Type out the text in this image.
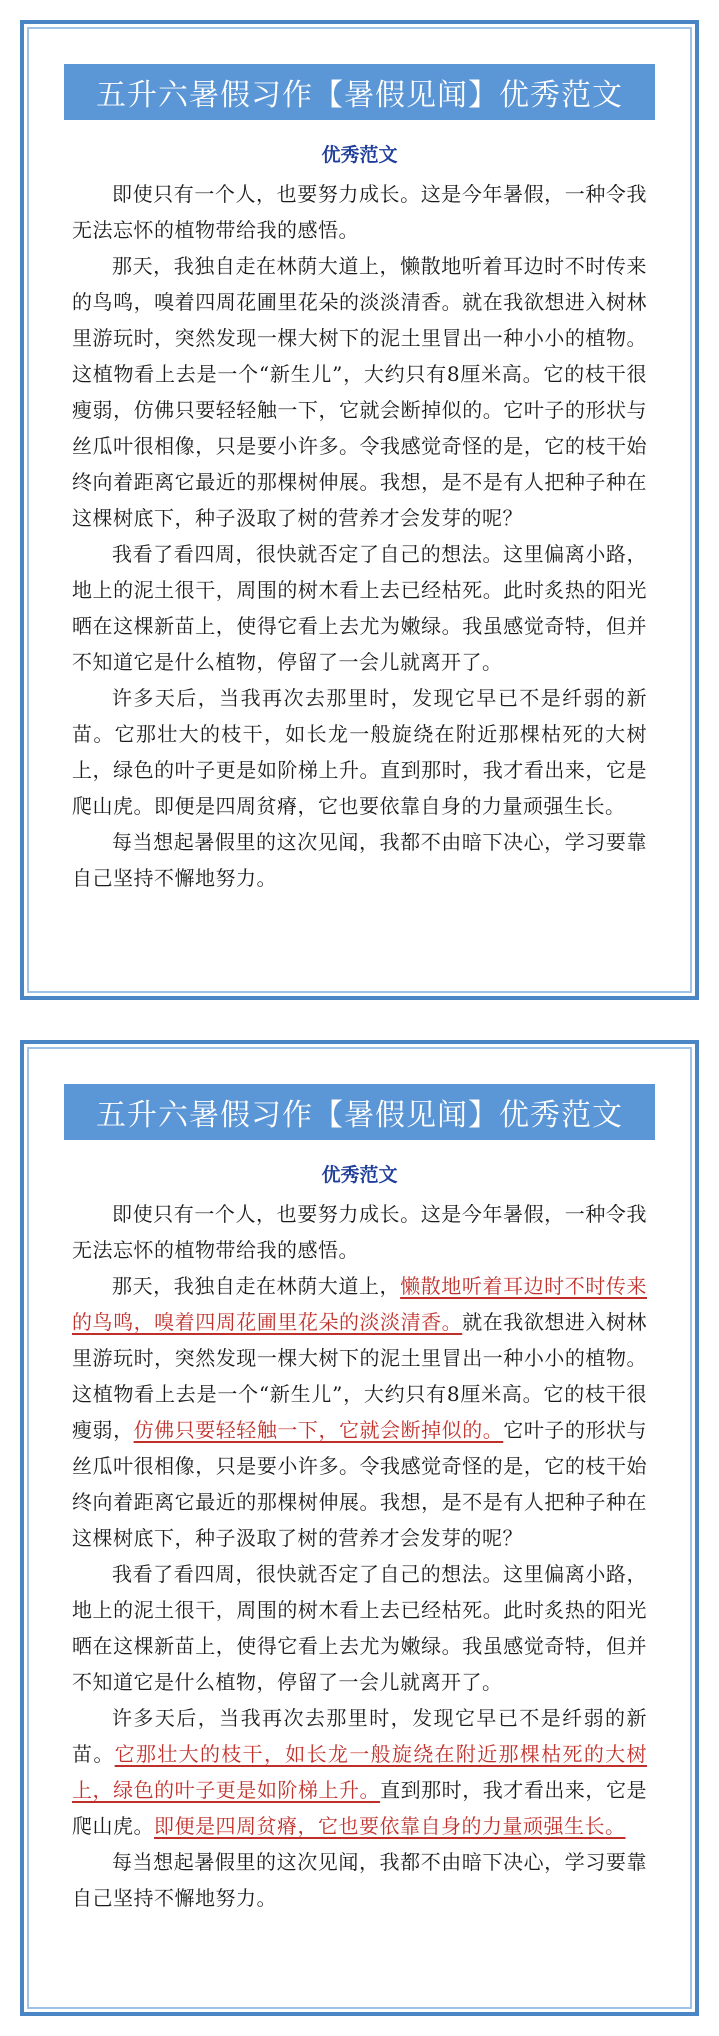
五升六暑假习作【暑假见闻】优秀范文
优秀范文

即使只有一个人，也要努力成长。这是今年暑假，一种令我无法忘怀的植物带给我的感悟。

那天，我独自走在林荫大道上，懒散地听着耳边时不时传来的鸟鸣，嗅着四周花圃里花朵的淡淡清香。就在我欲想进入树林里游玩时，突然发现一棵大树下的泥土里冒出一种小小的植物。这植物看上去是一个“新生儿”，大约只有8厘米高。它的枝干很瘦弱，仿佛只要轻轻触一下，它就会断掉似的。它叶子的形状与丝瓜叶很相像，只是要小许多。令我感觉奇怪的是，它的枝干始终向着距离它最近的那棵树伸展。我想，是不是有人把种子种在这棵树底下，种子汲取了树的营养才会发芽的呢？

我看了看四周，很快就否定了自己的想法。这里偏离小路，地上的泥土很干，周围的树木看上去已经枯死。此时炙热的阳光晒在这棵新苗上，使得它看上去尤为嫩绿。我虽感觉奇特，但并不知道它是什么植物，停留了一会儿就离开了。

许多天后，当我再次去那里时，发现它早已不是纤弱的新苗。它那壮大的枝干，如长龙一般旋绕在附近那棵枯死的大树上，绿色的叶子更是如阶梯上升。直到那时，我才看出来，它是爬山虎。即便是四周贫瘠，它也要依靠自身的力量顽强生长。

每当想起暑假里的这次见闻，我都不由暗下决心，学习要靠自己坚持不懈地努力。

五升六暑假习作【暑假见闻】优秀范文
优秀范文

即使只有一个人，也要努力成长。这是今年暑假，一种令我无法忘怀的植物带给我的感悟。

那天，我独自走在林荫大道上，懒散地听着耳边时不时传来的鸟鸣，嗅着四周花圃里花朵的淡淡清香。就在我欲想进入树林里游玩时，突然发现一棵大树下的泥土里冒出一种小小的植物。这植物看上去是一个“新生儿”，大约只有8厘米高。它的枝干很瘦弱，仿佛只要轻轻触一下，它就会断掉似的。它叶子的形状与丝瓜叶很相像，只是要小许多。令我感觉奇怪的是，它的枝干始终向着距离它最近的那棵树伸展。我想，是不是有人把种子种在这棵树底下，种子汲取了树的营养才会发芽的呢？

我看了看四周，很快就否定了自己的想法。这里偏离小路，地上的泥土很干，周围的树木看上去已经枯死。此时炙热的阳光晒在这棵新苗上，使得它看上去尤为嫩绿。我虽感觉奇特，但并不知道它是什么植物，停留了一会儿就离开了。

许多天后，当我再次去那里时，发现它早已不是纤弱的新苗。它那壮大的枝干，如长龙一般旋绕在附近那棵枯死的大树上，绿色的叶子更是如阶梯上升。直到那时，我才看出来，它是爬山虎。即便是四周贫瘠，它也要依靠自身的力量顽强生长。

每当想起暑假里的这次见闻，我都不由暗下决心，学习要靠自己坚持不懈地努力。
